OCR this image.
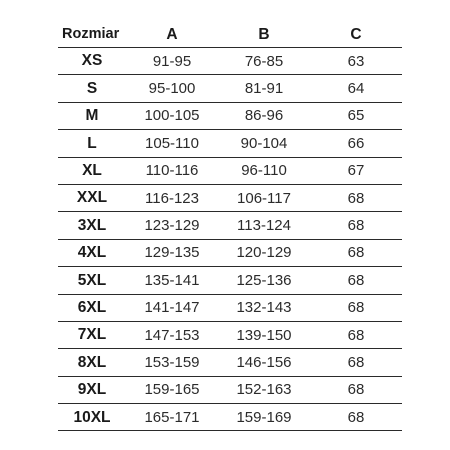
Rozmiar	A	B	C
XS	91-95	76-85	63
S	95-100	81-91	64
M	100-105	86-96	65
L	105-110	90-104	66
XL	110-116	96-110	67
XXL	116-123	106-117	68
3XL	123-129	113-124	68
4XL	129-135	120-129	68
5XL	135-141	125-136	68
6XL	141-147	132-143	68
7XL	147-153	139-150	68
8XL	153-159	146-156	68
9XL	159-165	152-163	68
10XL	165-171	159-169	68
